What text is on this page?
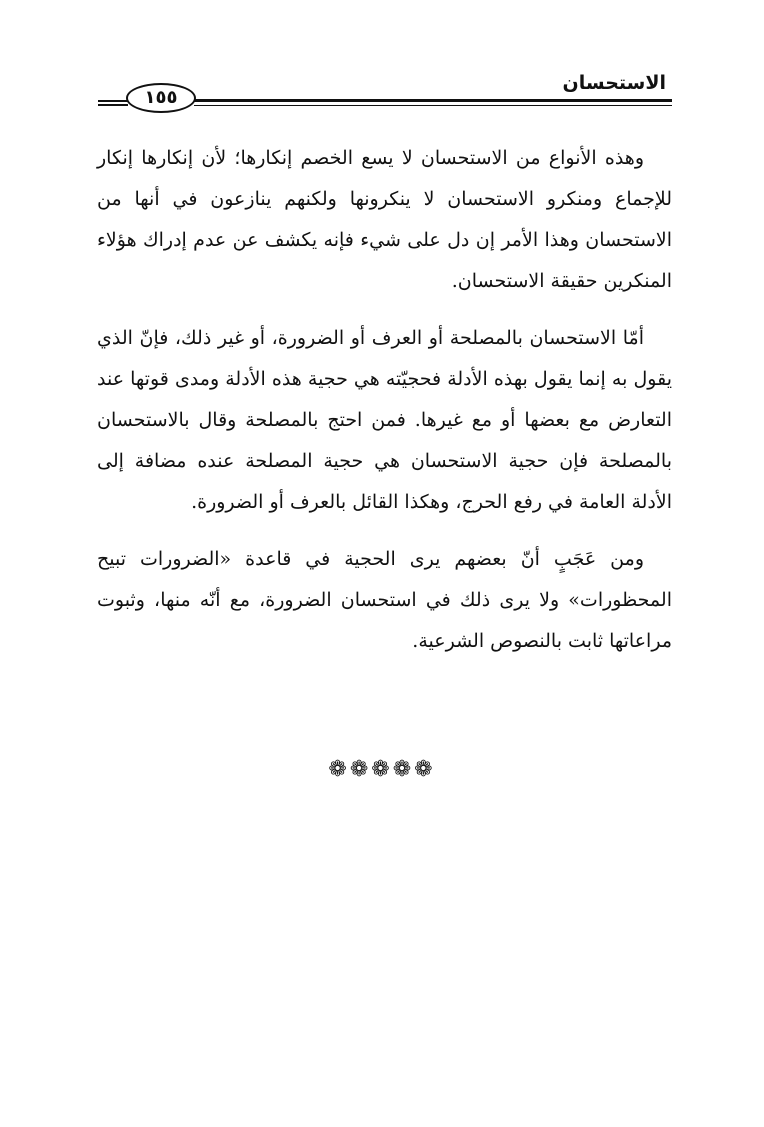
الاستحسان
١٥٥

وهذه الأنواع من الاستحسان لا يسع الخصم إنكارها؛ لأن إنكارها إنكار للإجماع ومنكرو الاستحسان لا ينكرونها ولكنهم ينازعون في أنها من الاستحسان وهذا الأمر إن دل على شيء فإنه يكشف عن عدم إدراك هؤلاء المنكرين حقيقة الاستحسان.

أمّا الاستحسان بالمصلحة أو العرف أو الضرورة، أو غير ذلك، فإنّ الذي يقول به إنما يقول بهذه الأدلة فحجيّته هي حجية هذه الأدلة ومدى قوتها عند التعارض مع بعضها أو مع غيرها. فمن احتج بالمصلحة وقال بالاستحسان بالمصلحة فإن حجية الاستحسان هي حجية المصلحة عنده مضافة إلى الأدلة العامة في رفع الحرج، وهكذا القائل بالعرف أو الضرورة.

ومن عَجَبٍ أنّ بعضهم يرى الحجية في قاعدة «الضرورات تبيح المحظورات» ولا يرى ذلك في استحسان الضرورة، مع أنّه منها، وثبوت مراعاتها ثابت بالنصوص الشرعية.

❁❁❁❁❁
